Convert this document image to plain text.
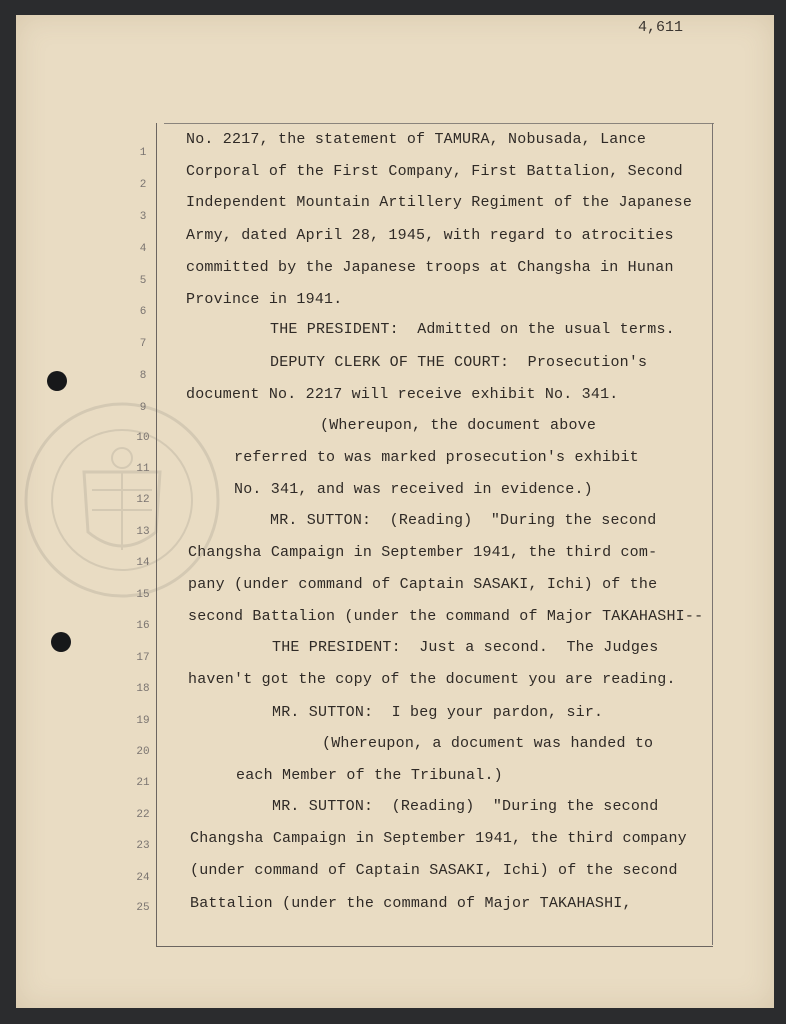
4,611
1
2
3
4
5
6
7
8
9
10
11
12
13
14
15
16
17
18
19
20
21
22
23
24
25
No. 2217, the statement of TAMURA, Nobusada, Lance
Corporal of the First Company, First Battalion, Second
Independent Mountain Artillery Regiment of the Japanese
Army, dated April 28, 1945, with regard to atrocities
committed by the Japanese troops at Changsha in Hunan
Province in 1941.
THE PRESIDENT:  Admitted on the usual terms.
DEPUTY CLERK OF THE COURT:  Prosecution's
document No. 2217 will receive exhibit No. 341.
(Whereupon, the document above
referred to was marked prosecution's exhibit
No. 341, and was received in evidence.)
MR. SUTTON:  (Reading)  "During the second
Changsha Campaign in September 1941, the third com-
pany (under command of Captain SASAKI, Ichi) of the
second Battalion (under the command of Major TAKAHASHI--
THE PRESIDENT:  Just a second.  The Judges
haven't got the copy of the document you are reading.
MR. SUTTON:  I beg your pardon, sir.
(Whereupon, a document was handed to
each Member of the Tribunal.)
MR. SUTTON:  (Reading)  "During the second
Changsha Campaign in September 1941, the third company
(under command of Captain SASAKI, Ichi) of the second
Battalion (under the command of Major TAKAHASHI,
